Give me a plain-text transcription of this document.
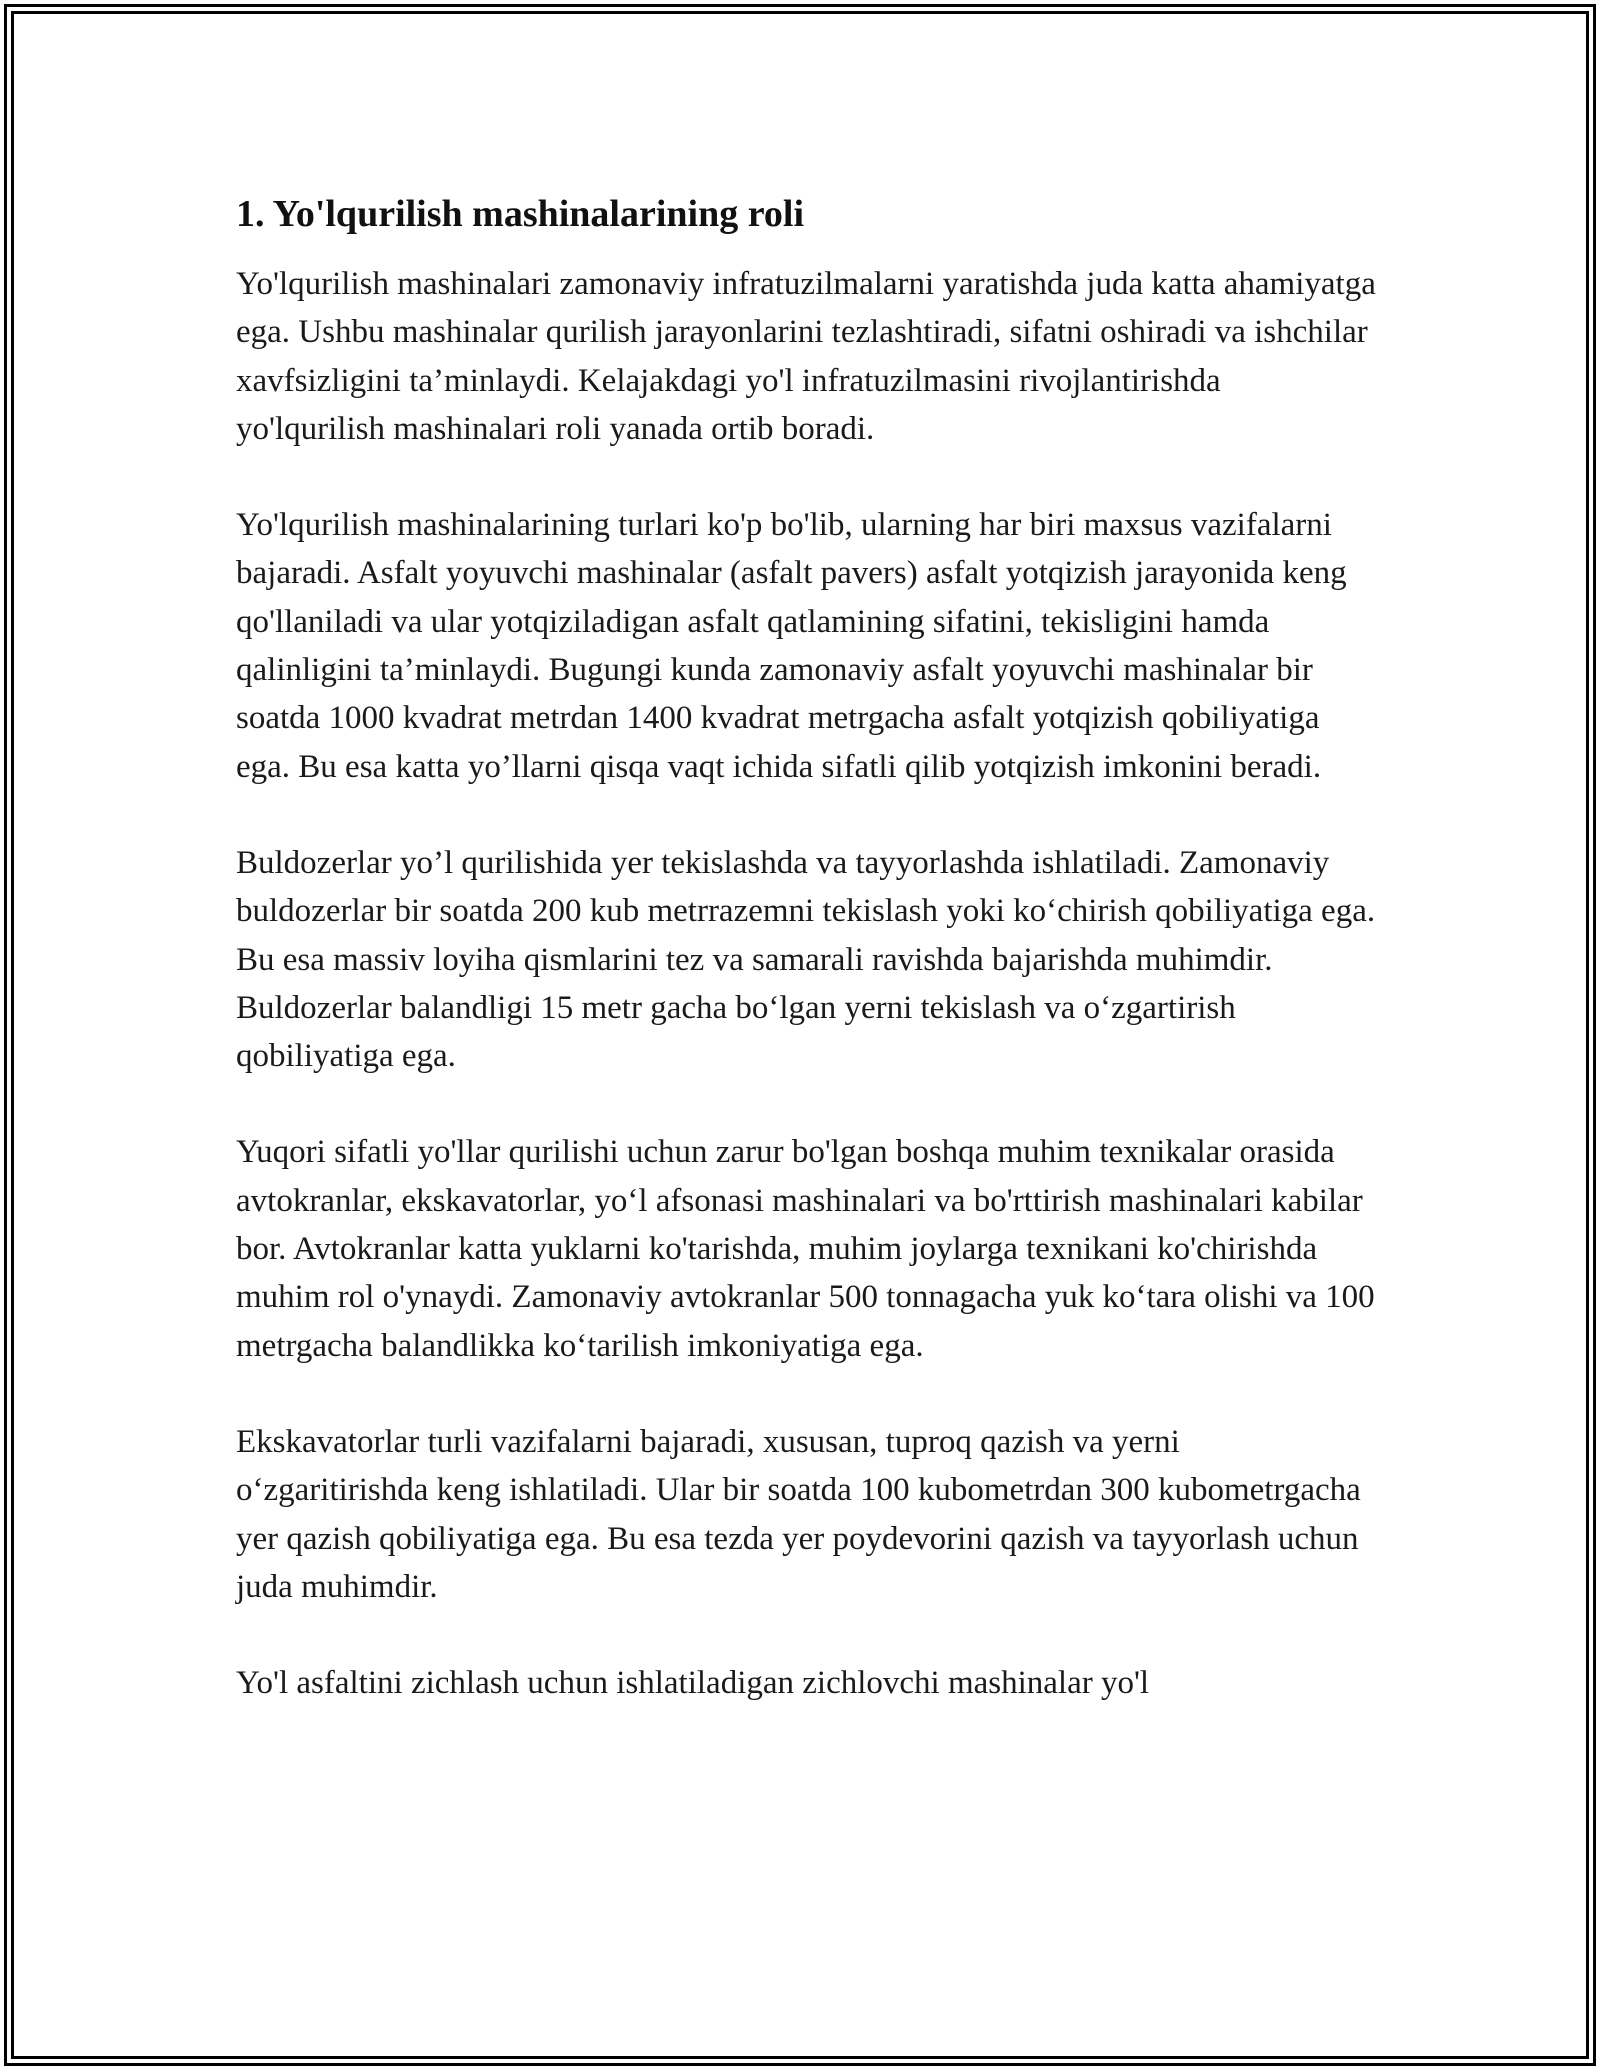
1. Yo'lqurilish mashinalarining roli

Yo'lqurilish mashinalari zamonaviy infratuzilmalarni yaratishda juda katta ahamiyatga ega. Ushbu mashinalar qurilish jarayonlarini tezlashtiradi, sifatni oshiradi va ishchilar xavfsizligini ta’minlaydi. Kelajakdagi yo'l infratuzilmasini rivojlantirishda yo'lqurilish mashinalari roli yanada ortib boradi.

Yo'lqurilish mashinalarining turlari ko'p bo'lib, ularning har biri maxsus vazifalarni bajaradi. Asfalt yoyuvchi mashinalar (asfalt pavers) asfalt yotqizish jarayonida keng qo'llaniladi va ular yotqiziladigan asfalt qatlamining sifatini, tekisligini hamda qalinligini ta’minlaydi. Bugungi kunda zamonaviy asfalt yoyuvchi mashinalar bir soatda 1000 kvadrat metrdan 1400 kvadrat metrgacha asfalt yotqizish qobiliyatiga ega. Bu esa katta yo’llarni qisqa vaqt ichida sifatli qilib yotqizish imkonini beradi.

Buldozerlar yo’l qurilishida yer tekislashda va tayyorlashda ishlatiladi. Zamonaviy buldozerlar bir soatda 200 kub metrrazemni tekislash yoki ko‘chirish qobiliyatiga ega. Bu esa massiv loyiha qismlarini tez va samarali ravishda bajarishda muhimdir. Buldozerlar balandligi 15 metr gacha bo‘lgan yerni tekislash va o‘zgartirish qobiliyatiga ega.

Yuqori sifatli yo'llar qurilishi uchun zarur bo'lgan boshqa muhim texnikalar orasida avtokranlar, ekskavatorlar, yo‘l afsonasi mashinalari va bo'rttirish mashinalari kabilar bor. Avtokranlar katta yuklarni ko'tarishda, muhim joylarga texnikani ko'chirishda muhim rol o'ynaydi. Zamonaviy avtokranlar 500 tonnagacha yuk ko‘tara olishi va 100 metrgacha balandlikka ko‘tarilish imkoniyatiga ega.

Ekskavatorlar turli vazifalarni bajaradi, xususan, tuproq qazish va yerni o‘zgaritirishda keng ishlatiladi. Ular bir soatda 100 kubometrdan 300 kubometrgacha yer qazish qobiliyatiga ega. Bu esa tezda yer poydevorini qazish va tayyorlash uchun juda muhimdir.

Yo'l asfaltini zichlash uchun ishlatiladigan zichlovchi mashinalar yo'l
